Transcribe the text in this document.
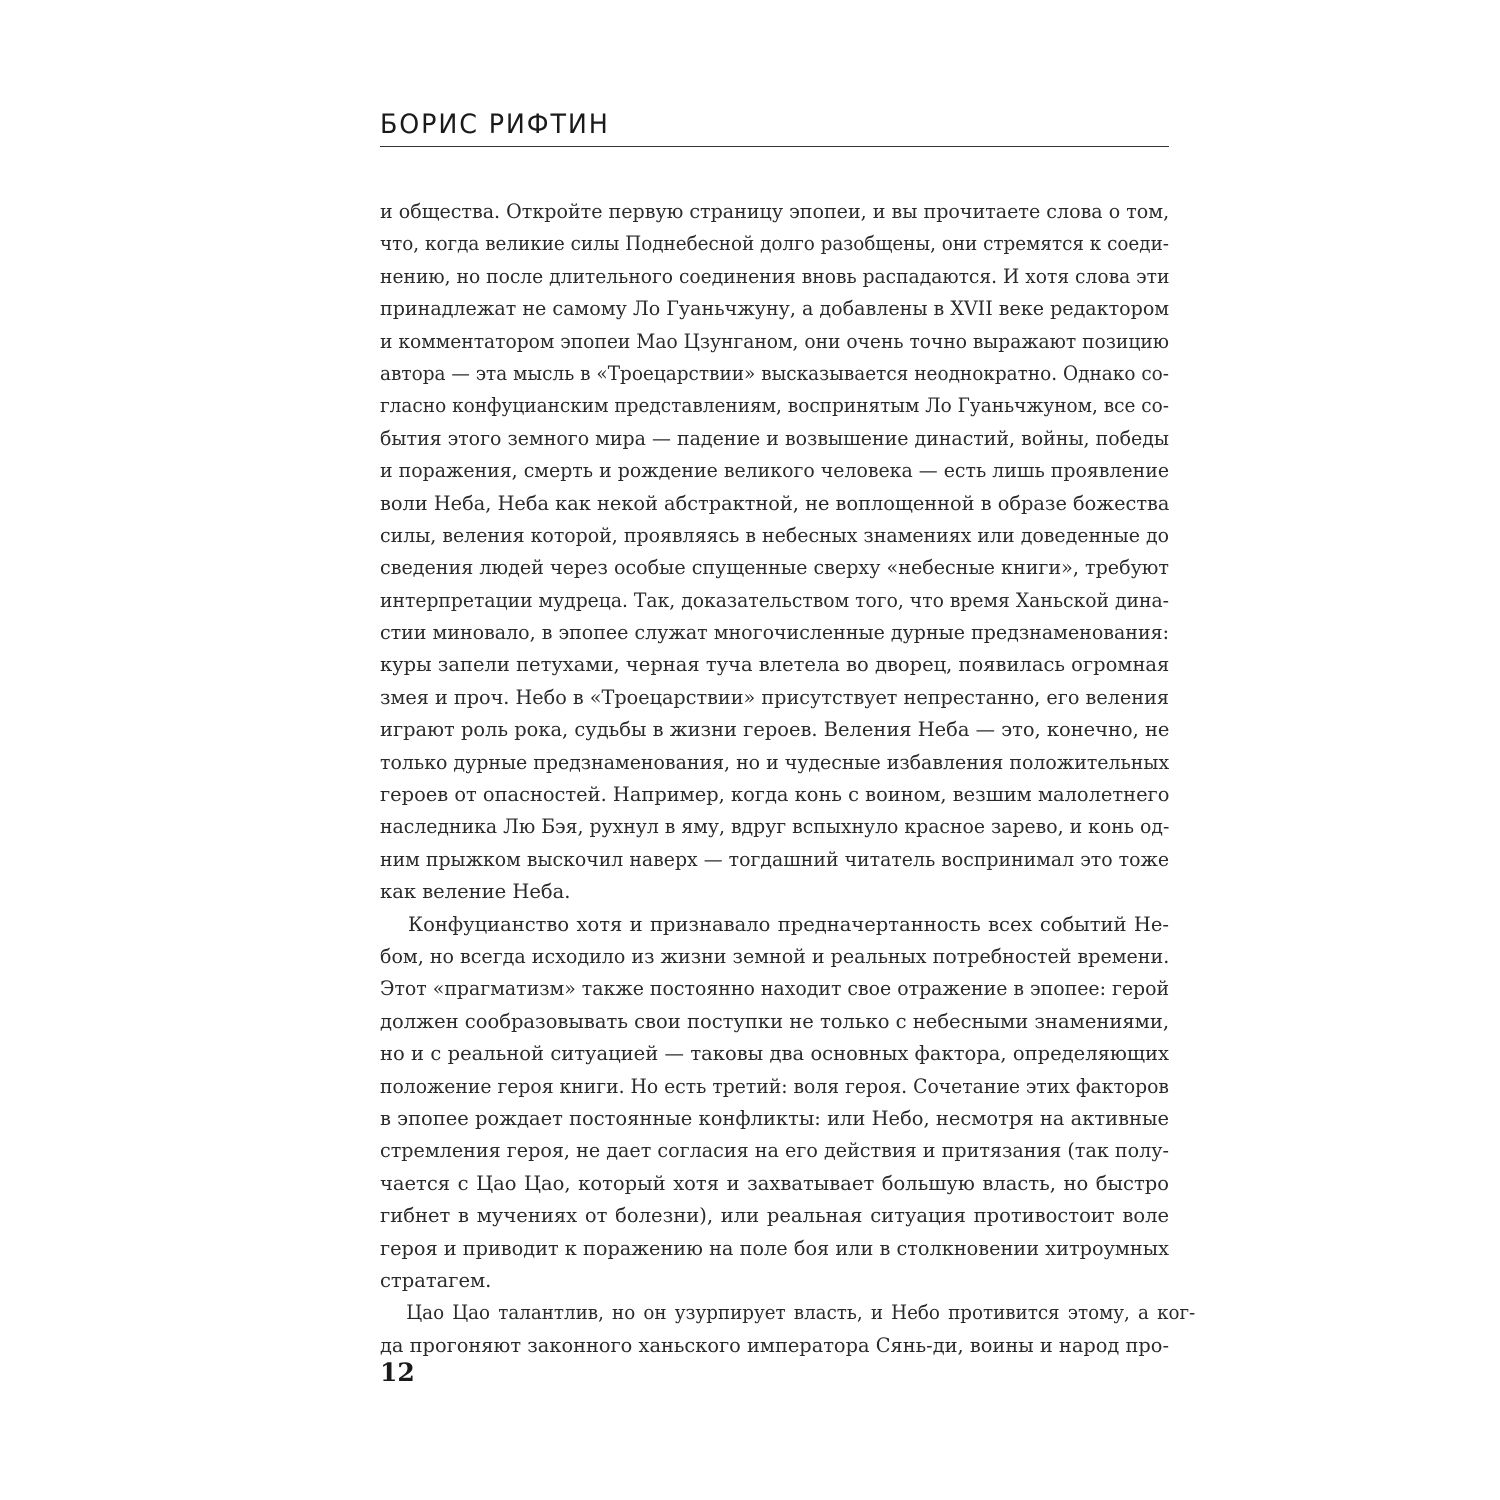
БОРИС РИФТИН
и общества. Откройте первую страницу эпопеи, и вы прочитаете слова о том,
что, когда великие силы Поднебесной долго разобщены, они стремятся к соеди-
нению, но после длительного соединения вновь распадаются. И хотя слова эти
принадлежат не самому Ло Гуаньчжуну, а добавлены в XVII веке редактором
и комментатором эпопеи Мао Цзунганом, они очень точно выражают позицию
автора — эта мысль в «Троецарствии» высказывается неоднократно. Однако со-
гласно конфуцианским представлениям, воспринятым Ло Гуаньчжуном, все со-
бытия этого земного мира — падение и возвышение династий, войны, победы
и поражения, смерть и рождение великого человека — есть лишь проявление
воли Неба, Неба как некой абстрактной, не воплощенной в образе божества
силы, веления которой, проявляясь в небесных знамениях или доведенные до
сведения людей через особые спущенные сверху «небесные книги», требуют
интерпретации мудреца. Так, доказательством того, что время Ханьской дина-
стии миновало, в эпопее служат многочисленные дурные предзнаменования:
куры запели петухами, черная туча влетела во дворец, появилась огромная
змея и проч. Небо в «Троецарствии» присутствует непрестанно, его веления
играют роль рока, судьбы в жизни героев. Веления Неба — это, конечно, не
только дурные предзнаменования, но и чудесные избавления положительных
героев от опасностей. Например, когда конь с воином, везшим малолетнего
наследника Лю Бэя, рухнул в яму, вдруг вспыхнуло красное зарево, и конь од-
ним прыжком выскочил наверх — тогдашний читатель воспринимал это тоже
как веление Неба.
Конфуцианство хотя и признавало предначертанность всех событий Не-
бом, но всегда исходило из жизни земной и реальных потребностей времени.
Этот «прагматизм» также постоянно находит свое отражение в эпопее: герой
должен сообразовывать свои поступки не только с небесными знамениями,
но и с реальной ситуацией — таковы два основных фактора, определяющих
положение героя книги. Но есть третий: воля героя. Сочетание этих факторов
в эпопее рождает постоянные конфликты: или Небо, несмотря на активные
стремления героя, не дает согласия на его действия и притязания (так полу-
чается с Цао Цао, который хотя и захватывает большую власть, но быстро
гибнет в мучениях от болезни), или реальная ситуация противостоит воле
героя и приводит к поражению на поле боя или в столкновении хитроумных
стратагем.
Цао Цао талантлив, но он узурпирует власть, и Небо противится этому, а ког-
да прогоняют законного ханьского императора Сянь-ди, воины и народ про-
12
